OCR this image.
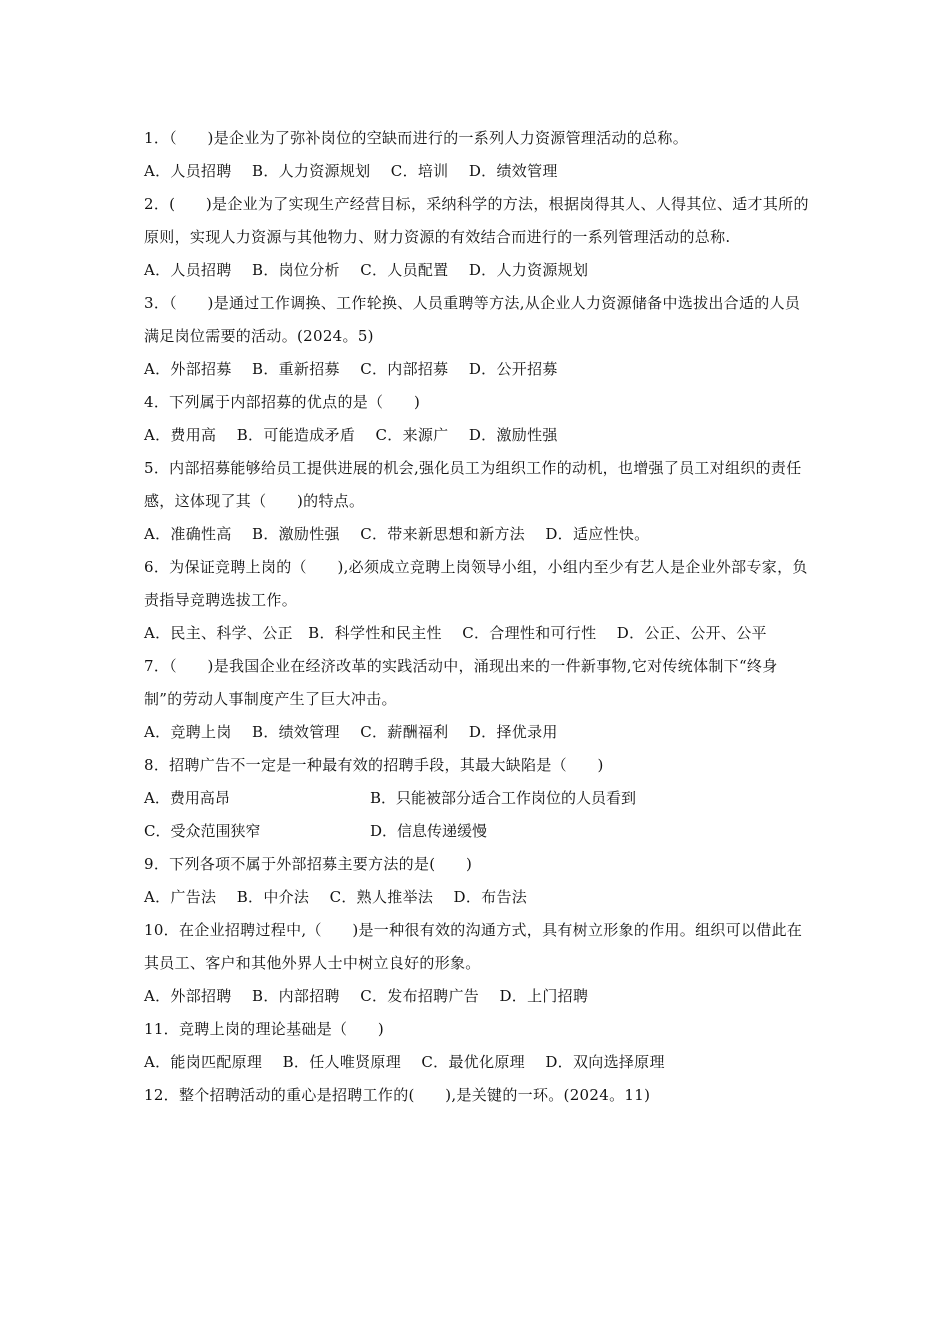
1．（　　)是企业为了弥补岗位的空缺而进行的一系列人力资源管理活动的总称。
A．人员招聘　 B．人力资源规划　 C．培训　 D．绩效管理
2．(　　)是企业为了实现生产经营目标，采纳科学的方法，根据岗得其人、人得其位、适才其所的原则，实现人力资源与其他物力、财力资源的有效结合而进行的一系列管理活动的总称.
A．人员招聘　 B．岗位分析　 C．人员配置　 D．人力资源规划
3．（　　)是通过工作调换、工作轮换、人员重聘等方法,从企业人力资源储备中选拔出合适的人员满足岗位需要的活动。(2024。5)
A．外部招募　 B．重新招募　 C．内部招募　 D．公开招募
4．下列属于内部招募的优点的是（　　)
A．费用高　 B．可能造成矛盾　 C．来源广　 D．激励性强
5．内部招募能够给员工提供进展的机会,强化员工为组织工作的动机，也增强了员工对组织的责任感，这体现了其（　　)的特点。
A．准确性高　 B．激励性强　 C．带来新思想和新方法　 D．适应性快。
6．为保证竞聘上岗的（　　),必须成立竞聘上岗领导小组，小组内至少有艺人是企业外部专家，负责指导竞聘选拔工作。
A．民主、科学、公正　B．科学性和民主性　 C．合理性和可行性　 D．公正、公开、公平
7．（　　)是我国企业在经济改革的实践活动中，涌现出来的一件新事物,它对传统体制下“终身制”的劳动人事制度产生了巨大冲击。
A．竞聘上岗　 B．绩效管理　 C．薪酬福利　 D．择优录用
8．招聘广告不一定是一种最有效的招聘手段，其最大缺陷是（　　)
A．费用高昂	B．只能被部分适合工作岗位的人员看到
C．受众范围狭窄	D．信息传递缓慢
9．下列各项不属于外部招募主要方法的是(　　)
A．广告法　 B．中介法　 C．熟人推举法　 D．布告法
10．在企业招聘过程中,（　　)是一种很有效的沟通方式，具有树立形象的作用。组织可以借此在其员工、客户和其他外界人士中树立良好的形象。
A．外部招聘　 B．内部招聘　 C．发布招聘广告　 D．上门招聘
11．竞聘上岗的理论基础是（　　)
A．能岗匹配原理　 B．任人唯贤原理　 C．最优化原理　 D．双向选择原理
12．整个招聘活动的重心是招聘工作的(　　),是关键的一环。(2024。11)
